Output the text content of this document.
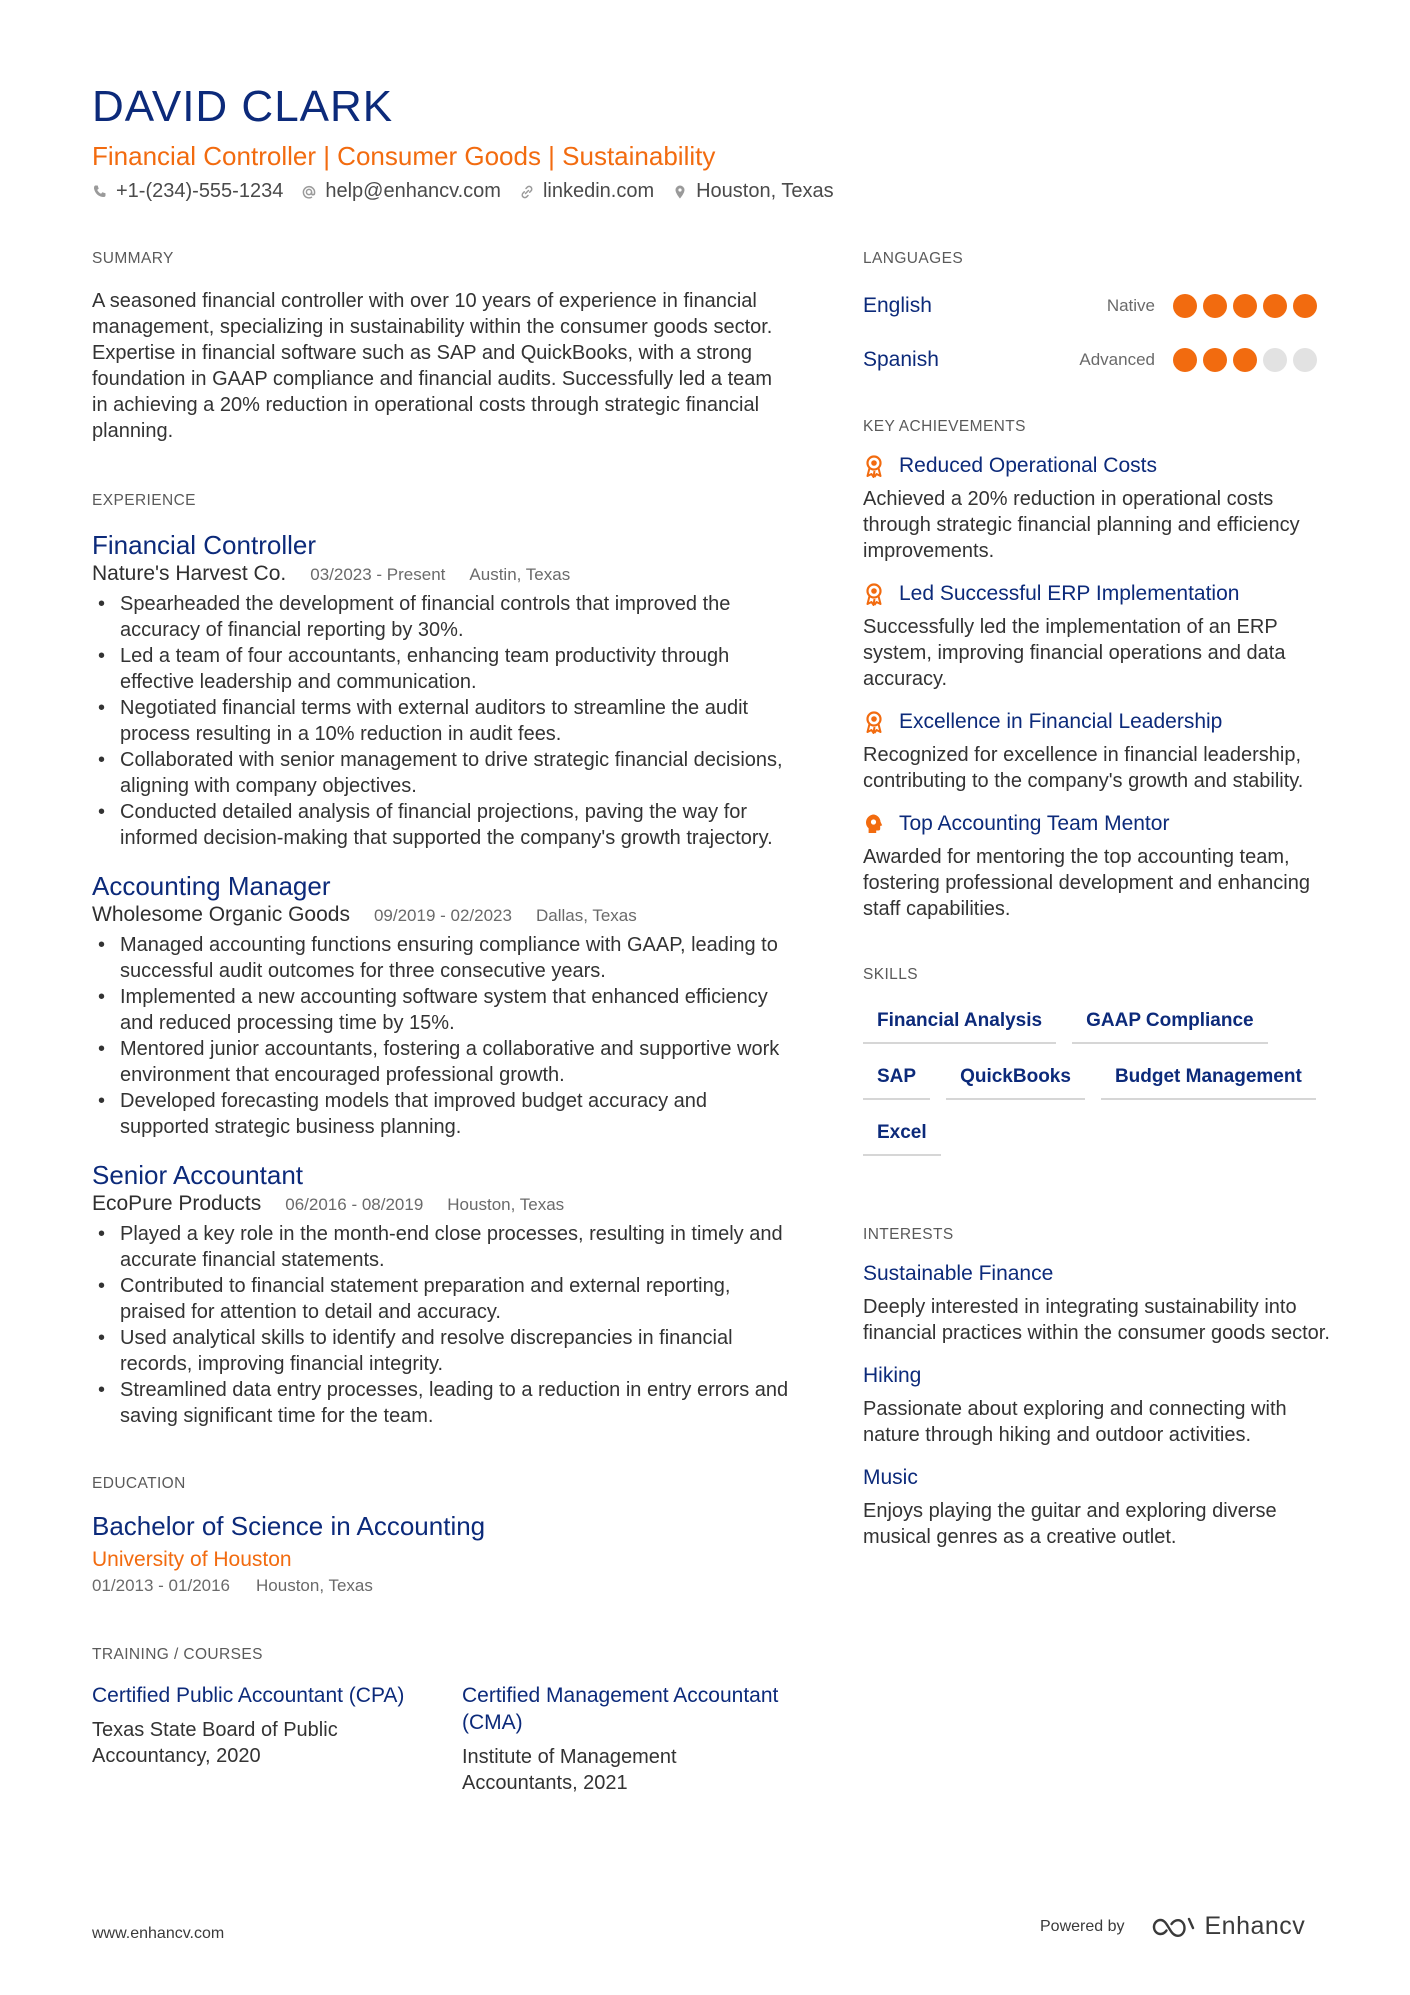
DAVID CLARK
Financial Controller | Consumer Goods | Sustainability
+1-(234)-555-1234 help@enhancv.com linkedin.com Houston, Texas
SUMMARY
A seasoned financial controller with over 10 years of experience in financial management, specializing in sustainability within the consumer goods sector. Expertise in financial software such as SAP and QuickBooks, with a strong foundation in GAAP compliance and financial audits. Successfully led a team in achieving a 20% reduction in operational costs through strategic financial planning.
EXPERIENCE
Financial Controller
Nature's Harvest Co. 03/2023 - Present Austin, Texas
• Spearheaded the development of financial controls that improved the accuracy of financial reporting by 30%.
• Led a team of four accountants, enhancing team productivity through effective leadership and communication.
• Negotiated financial terms with external auditors to streamline the audit process resulting in a 10% reduction in audit fees.
• Collaborated with senior management to drive strategic financial decisions, aligning with company objectives.
• Conducted detailed analysis of financial projections, paving the way for informed decision-making that supported the company's growth trajectory.
Accounting Manager
Wholesome Organic Goods 09/2019 - 02/2023 Dallas, Texas
• Managed accounting functions ensuring compliance with GAAP, leading to successful audit outcomes for three consecutive years.
• Implemented a new accounting software system that enhanced efficiency and reduced processing time by 15%.
• Mentored junior accountants, fostering a collaborative and supportive work environment that encouraged professional growth.
• Developed forecasting models that improved budget accuracy and supported strategic business planning.
Senior Accountant
EcoPure Products 06/2016 - 08/2019 Houston, Texas
• Played a key role in the month-end close processes, resulting in timely and accurate financial statements.
• Contributed to financial statement preparation and external reporting, praised for attention to detail and accuracy.
• Used analytical skills to identify and resolve discrepancies in financial records, improving financial integrity.
• Streamlined data entry processes, leading to a reduction in entry errors and saving significant time for the team.
EDUCATION
Bachelor of Science in Accounting
University of Houston
01/2013 - 01/2016 Houston, Texas
TRAINING / COURSES
Certified Public Accountant (CPA)
Texas State Board of Public Accountancy, 2020
Certified Management Accountant (CMA)
Institute of Management Accountants, 2021
LANGUAGES
English	Native
Spanish	Advanced
KEY ACHIEVEMENTS
Reduced Operational Costs
Achieved a 20% reduction in operational costs through strategic financial planning and efficiency improvements.
Led Successful ERP Implementation
Successfully led the implementation of an ERP system, improving financial operations and data accuracy.
Excellence in Financial Leadership
Recognized for excellence in financial leadership, contributing to the company's growth and stability.
Top Accounting Team Mentor
Awarded for mentoring the top accounting team, fostering professional development and enhancing staff capabilities.
SKILLS
Financial Analysis	GAAP Compliance
SAP	QuickBooks	Budget Management
Excel
INTERESTS
Sustainable Finance
Deeply interested in integrating sustainability into financial practices within the consumer goods sector.
Hiking
Passionate about exploring and connecting with nature through hiking and outdoor activities.
Music
Enjoys playing the guitar and exploring diverse musical genres as a creative outlet.
www.enhancv.com	Powered by	Enhancv
